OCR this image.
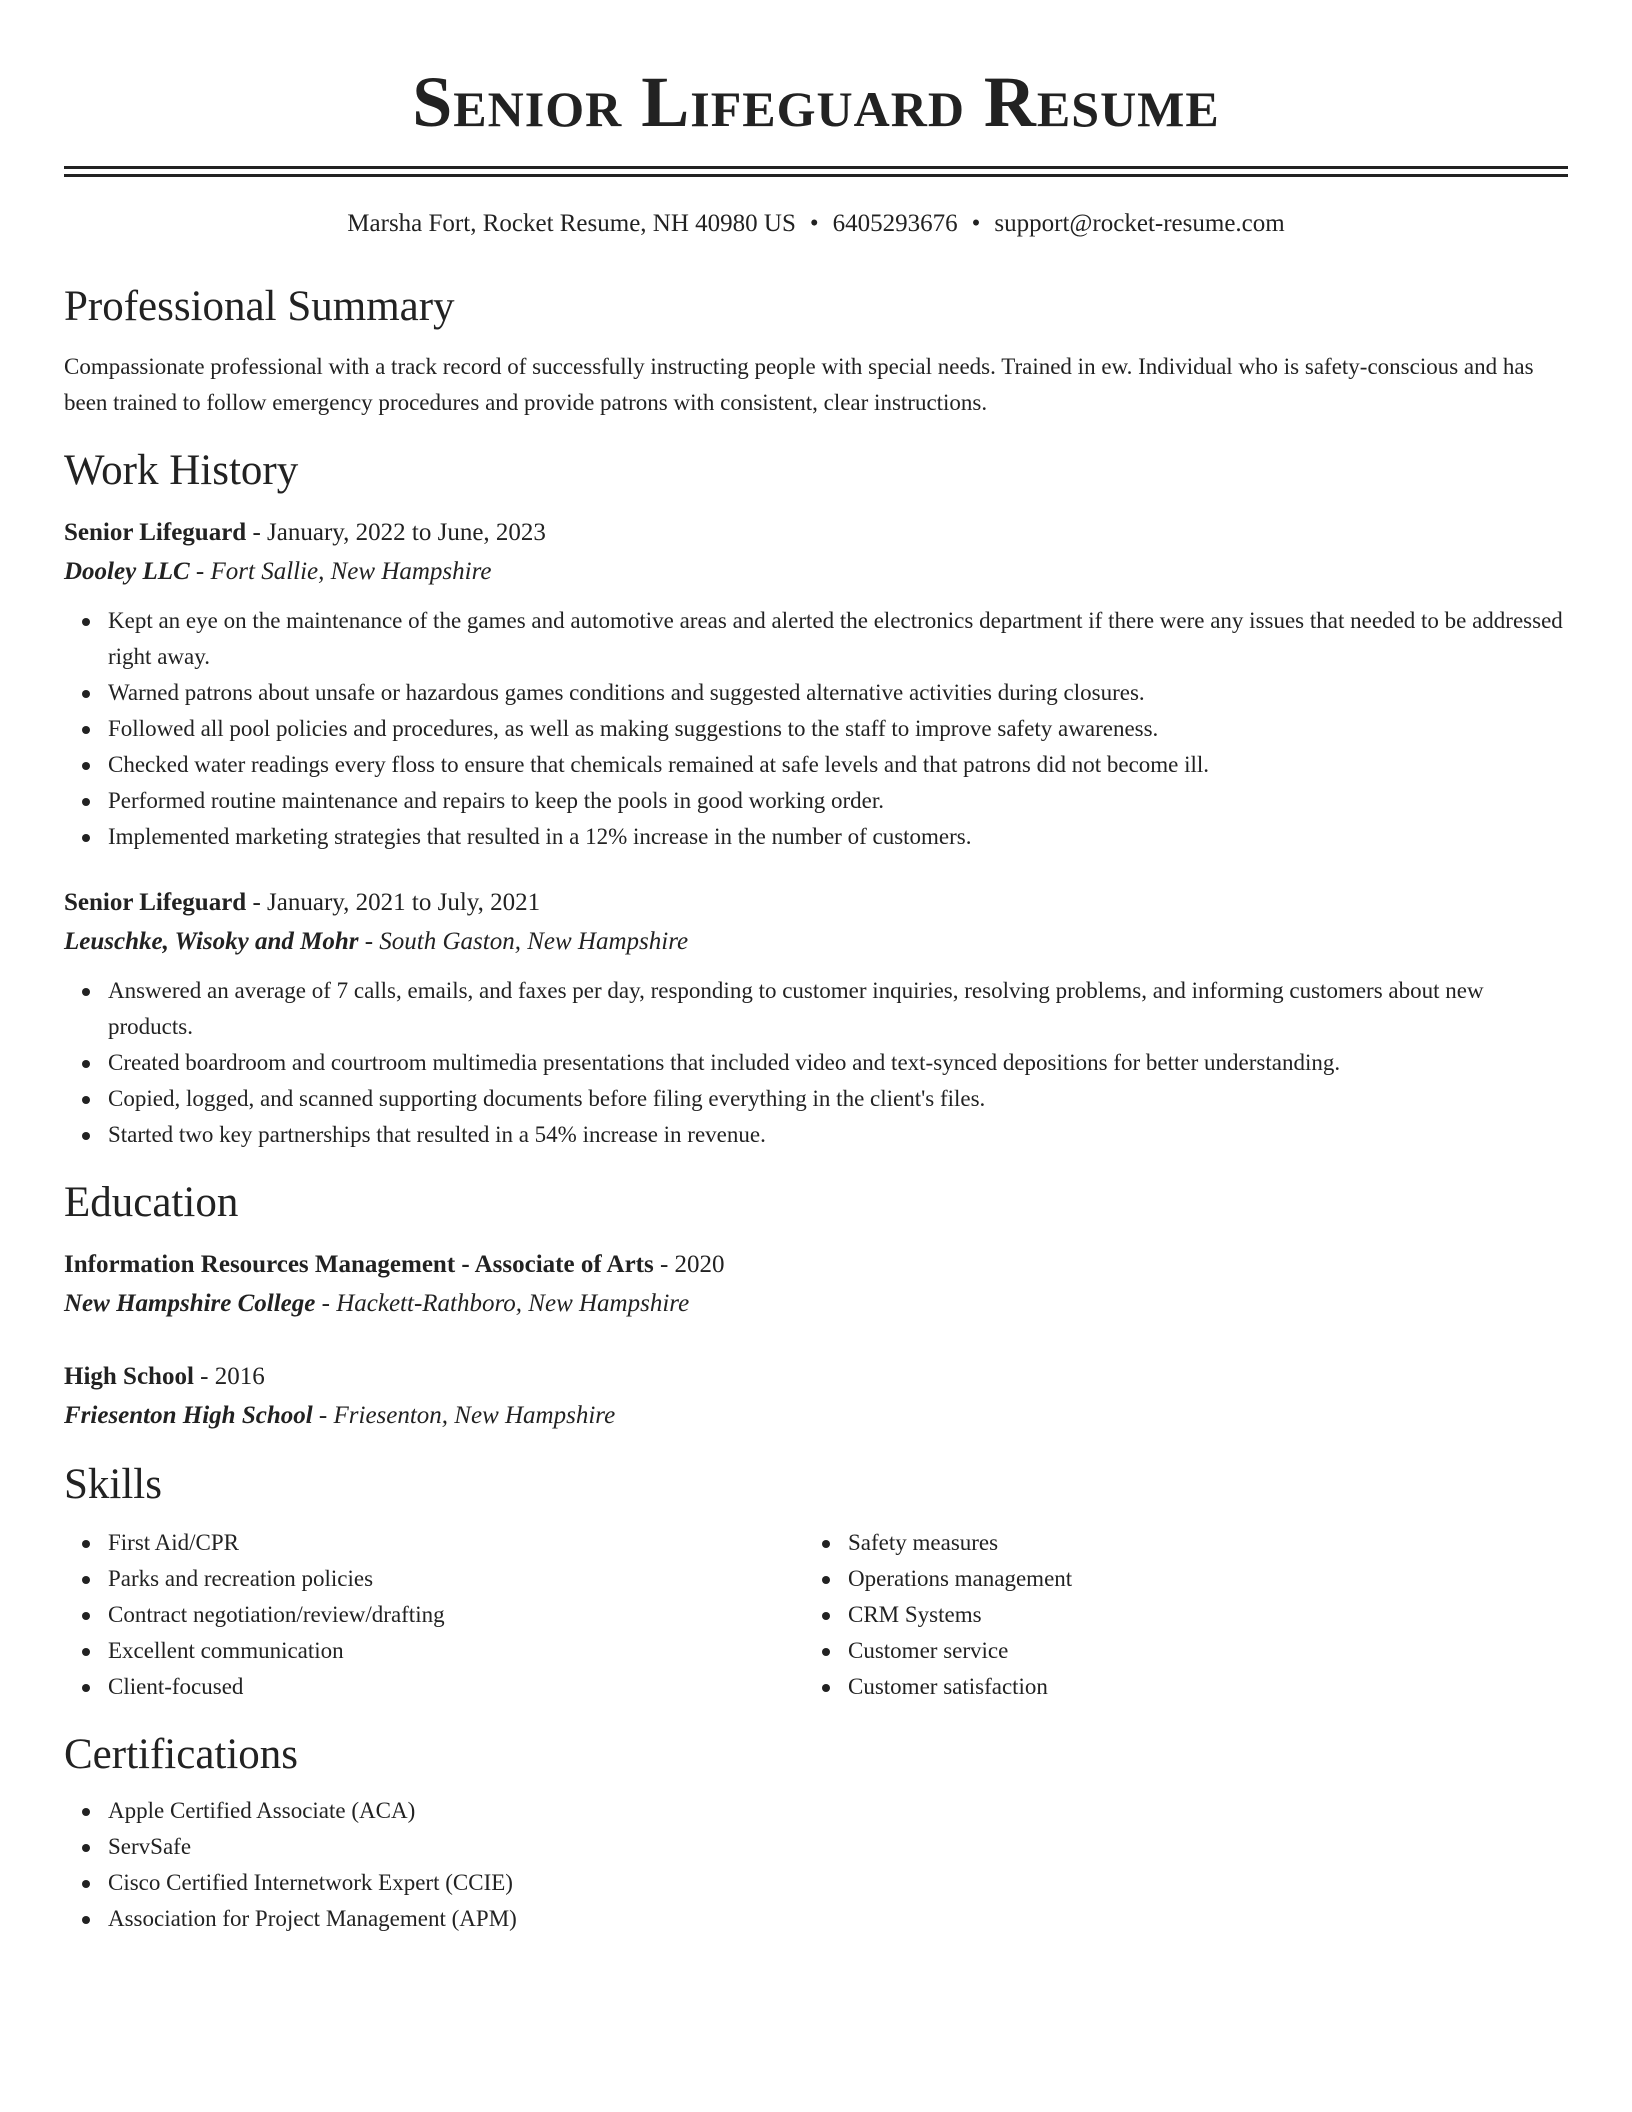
Senior Lifeguard Resume
Marsha Fort, Rocket Resume, NH 40980 US • 6405293676 • support@rocket-resume.com
Professional Summary

Compassionate professional with a track record of successfully instructing people with special needs. Trained in ew. Individual who is safety-conscious and has been trained to follow emergency procedures and provide patrons with consistent, clear instructions.

Work History
Senior Lifeguard - January, 2022 to June, 2023
Dooley LLC - Fort Sallie, New Hampshire
Kept an eye on the maintenance of the games and automotive areas and alerted the electronics department if there were any issues that needed to be addressed right away.
Warned patrons about unsafe or hazardous games conditions and suggested alternative activities during closures.
Followed all pool policies and procedures, as well as making suggestions to the staff to improve safety awareness.
Checked water readings every floss to ensure that chemicals remained at safe levels and that patrons did not become ill.
Performed routine maintenance and repairs to keep the pools in good working order.
Implemented marketing strategies that resulted in a 12% increase in the number of customers.
Senior Lifeguard - January, 2021 to July, 2021
Leuschke, Wisoky and Mohr - South Gaston, New Hampshire
Answered an average of 7 calls, emails, and faxes per day, responding to customer inquiries, resolving problems, and informing customers about new products.
Created boardroom and courtroom multimedia presentations that included video and text-synced depositions for better understanding.
Copied, logged, and scanned supporting documents before filing everything in the client's files.
Started two key partnerships that resulted in a 54% increase in revenue.
Education
Information Resources Management - Associate of Arts - 2020
New Hampshire College - Hackett-Rathboro, New Hampshire
High School - 2016
Friesenton High School - Friesenton, New Hampshire
Skills
First Aid/CPR
Parks and recreation policies
Contract negotiation/review/drafting
Excellent communication
Client-focused
Safety measures
Operations management
CRM Systems
Customer service
Customer satisfaction
Certifications
Apple Certified Associate (ACA)
ServSafe
Cisco Certified Internetwork Expert (CCIE)
Association for Project Management (APM)
